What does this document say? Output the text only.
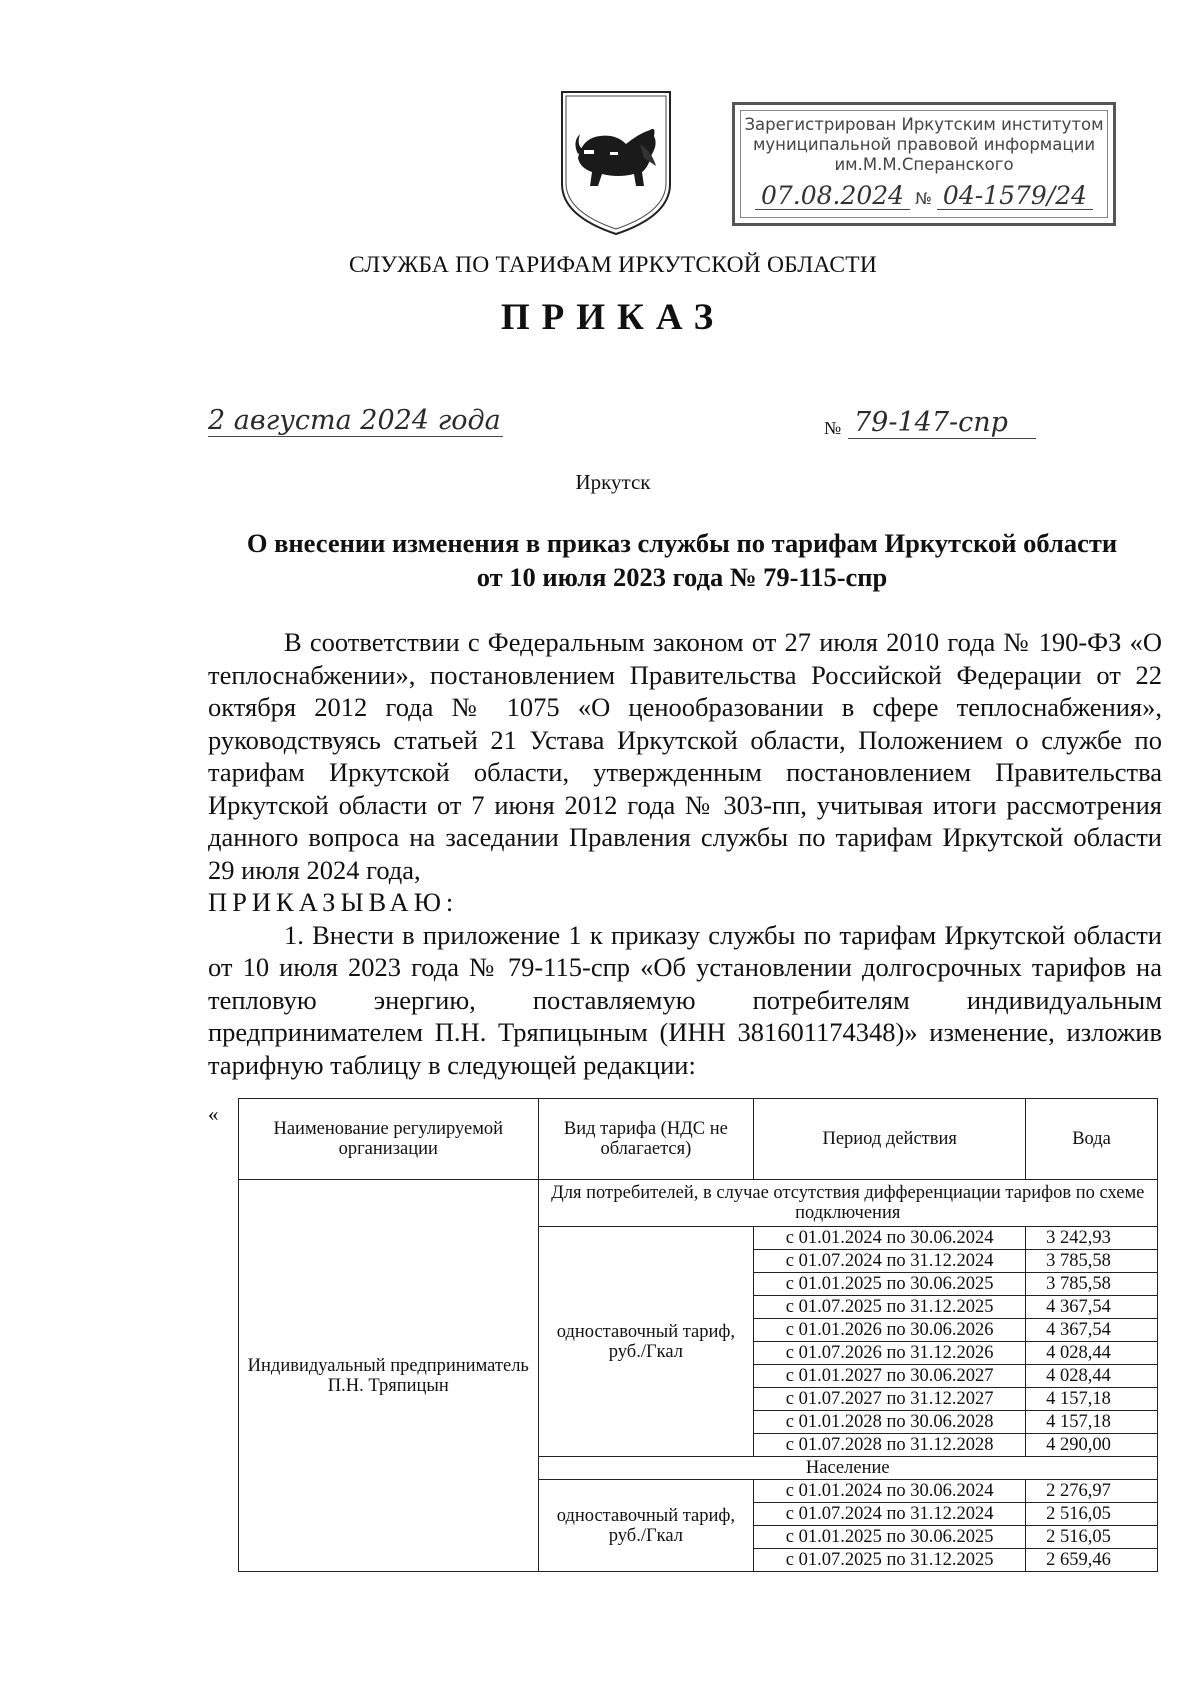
Зарегистрирован Иркутским институтом
муниципальной правовой информации
им.М.М.Сперанского
07.08.2024 № 04-1579/24
СЛУЖБА ПО ТАРИФАМ ИРКУТСКОЙ ОБЛАСТИ
ПРИКАЗ
2 августа 2024 года	№ 79-147-спр
Иркутск
О внесении изменения в приказ службы по тарифам Иркутской области
от 10 июля 2023 года № 79-115-спр

В соответствии с Федеральным законом от 27 июля 2010 года № 190-ФЗ «О теплоснабжении», постановлением Правительства Российской Федерации от 22 октября 2012 года № 1075 «О ценообразовании в сфере теплоснабжения», руководствуясь статьей 21 Устава Иркутской области, Положением о службе по тарифам Иркутской области, утвержденным постановлением Правительства Иркутской области от 7 июня 2012 года № 303-пп, учитывая итоги рассмотрения данного вопроса на заседании Правления службы по тарифам Иркутской области 29 июля 2024 года,

ПРИКАЗЫВАЮ:

1. Внести в приложение 1 к приказу службы по тарифам Иркутской области от 10 июля 2023 года № 79-115-спр «Об установлении долгосрочных тарифов на тепловую энергию, поставляемую потребителям индивидуальным предпринимателем П.Н. Тряпицыным (ИНН 381601174348)» изменение, изложив тарифную таблицу в следующей редакции:

«
Наименование регулируемой организации	Вид тарифа (НДС не облагается)	Период действия	Вода
Индивидуальный предприниматель П.Н. Тряпицын	Для потребителей, в случае отсутствия дифференциации тарифов по схеме подключения		
	одноставочный тариф, руб./Гкал	с 01.01.2024 по 30.06.2024	3 242,93
		с 01.07.2024 по 31.12.2024	3 785,58
		с 01.01.2025 по 30.06.2025	3 785,58
		с 01.07.2025 по 31.12.2025	4 367,54
		с 01.01.2026 по 30.06.2026	4 367,54
		с 01.07.2026 по 31.12.2026	4 028,44
		с 01.01.2027 по 30.06.2027	4 028,44
		с 01.07.2027 по 31.12.2027	4 157,18
		с 01.01.2028 по 30.06.2028	4 157,18
		с 01.07.2028 по 31.12.2028	4 290,00
	Население		
	одноставочный тариф, руб./Гкал	с 01.01.2024 по 30.06.2024	2 276,97
		с 01.07.2024 по 31.12.2024	2 516,05
		с 01.01.2025 по 30.06.2025	2 516,05
		с 01.07.2025 по 31.12.2025	2 659,46
